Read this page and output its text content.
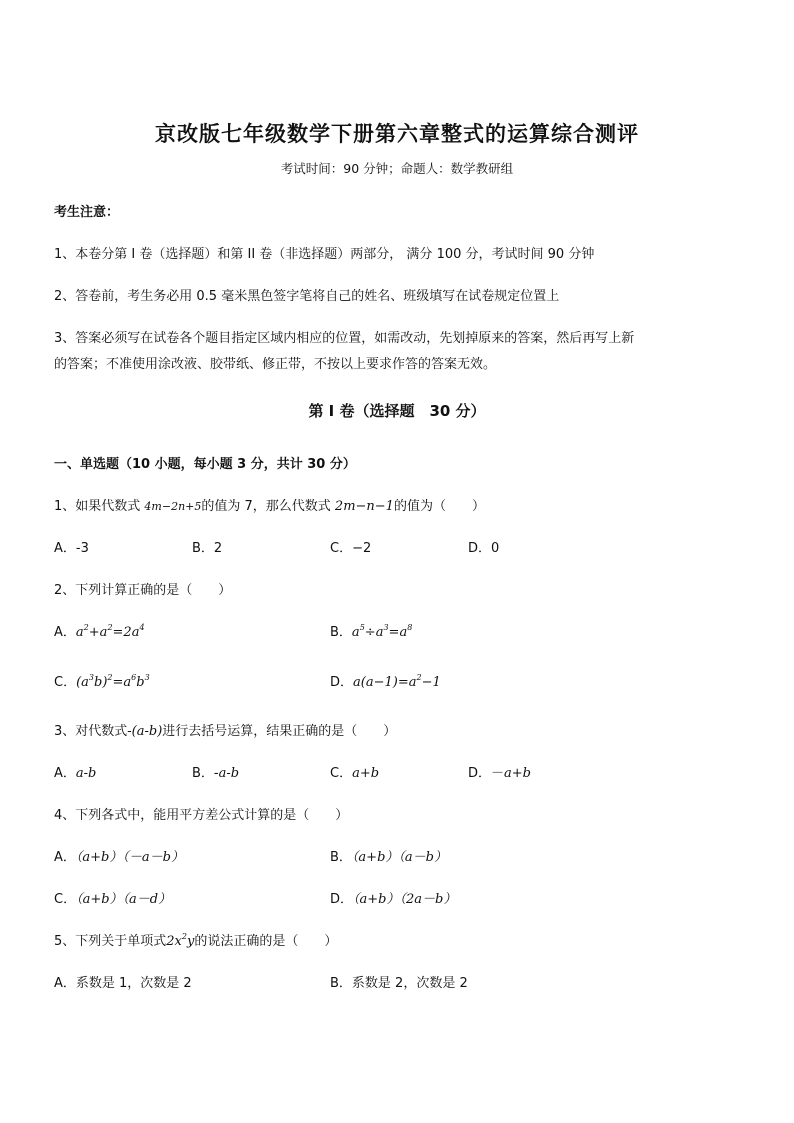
京改版七年级数学下册第六章整式的运算综合测评
考试时间：90 分钟；命题人：数学教研组
考生注意：
1、本卷分第 I 卷（选择题）和第 II 卷（非选择题）两部分， 满分 100 分，考试时间 90 分钟
2、答卷前，考生务必用 0.5 毫米黑色签字笔将自己的姓名、班级填写在试卷规定位置上
3、答案必须写在试卷各个题目指定区域内相应的位置，如需改动，先划掉原来的答案，然后再写上新
的答案；不准使用涂改液、胶带纸、修正带，不按以上要求作答的答案无效。
第 I 卷（选择题　30 分）
一、单选题（10 小题，每小题 3 分，共计 30 分）
1、如果代数式 4m−2n+5的值为 7，那么代数式 2m−n−1的值为（　　）
A．-3	B．2	C．−2	D．0
2、下列计算正确的是（　　）
A．$a^2+a^2=2a^4$	B．$a^5\div a^3=a^8$
C．$(a^3b)^2=a^6b^3$	D．$a(a-1)=a^2-1$
3、对代数式-(a-b)进行去括号运算，结果正确的是（　　）
A．a-b	B．-a-b	C．a+b	D．－a+b
4、下列各式中，能用平方差公式计算的是（　　）
A．（a+b）（－a－b）	B．（a+b）（a－b）
C．（a+b）（a－d）	D．（a+b）（2a－b）
5、下列关于单项式$2x^2y$的说法正确的是（　　）
A．系数是 1，次数是 2	B．系数是 2，次数是 2
